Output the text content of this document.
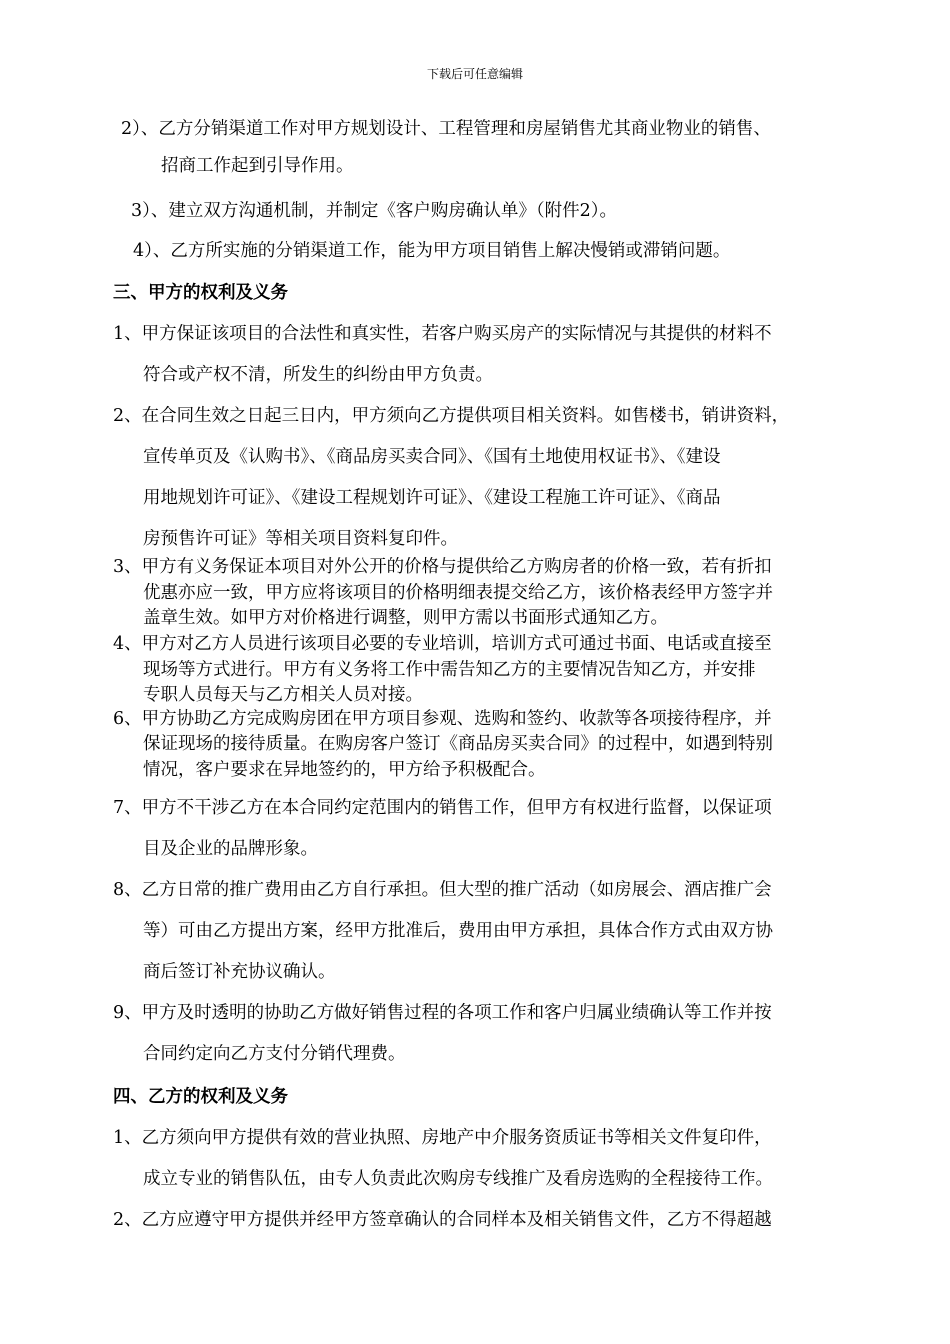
下载后可任意编辑
2）、乙方分销渠道工作对甲方规划设计、工程管理和房屋销售尤其商业物业的销售、
招商工作起到引导作用。
3）、建立双方沟通机制，并制定《客户购房确认单》（附件2）。
4）、乙方所实施的分销渠道工作，能为甲方项目销售上解决慢销或滞销问题。
三、甲方的权利及义务
1、甲方保证该项目的合法性和真实性，若客户购买房产的实际情况与其提供的材料不
符合或产权不清，所发生的纠纷由甲方负责。
2、在合同生效之日起三日内，甲方须向乙方提供项目相关资料。如售楼书，销讲资料，
宣传单页及《认购书》、《商品房买卖合同》、《国有土地使用权证书》、《建设
用地规划许可证》、《建设工程规划许可证》、《建设工程施工许可证》、《商品
房预售许可证》等相关项目资料复印件。
3、甲方有义务保证本项目对外公开的价格与提供给乙方购房者的价格一致，若有折扣
优惠亦应一致，甲方应将该项目的价格明细表提交给乙方，该价格表经甲方签字并
盖章生效。如甲方对价格进行调整，则甲方需以书面形式通知乙方。
4、甲方对乙方人员进行该项目必要的专业培训，培训方式可通过书面、电话或直接至
现场等方式进行。甲方有义务将工作中需告知乙方的主要情况告知乙方，并安排
专职人员每天与乙方相关人员对接。
6、甲方协助乙方完成购房团在甲方项目参观、选购和签约、收款等各项接待程序，并
保证现场的接待质量。在购房客户签订《商品房买卖合同》的过程中，如遇到特别
情况，客户要求在异地签约的，甲方给予积极配合。
7、甲方不干涉乙方在本合同约定范围内的销售工作，但甲方有权进行监督，以保证项
目及企业的品牌形象。
8、乙方日常的推广费用由乙方自行承担。但大型的推广活动（如房展会、酒店推广会
等）可由乙方提出方案，经甲方批准后，费用由甲方承担，具体合作方式由双方协
商后签订补充协议确认。
9、甲方及时透明的协助乙方做好销售过程的各项工作和客户归属业绩确认等工作并按
合同约定向乙方支付分销代理费。
四、乙方的权利及义务
1、乙方须向甲方提供有效的营业执照、房地产中介服务资质证书等相关文件复印件，
成立专业的销售队伍，由专人负责此次购房专线推广及看房选购的全程接待工作。
2、乙方应遵守甲方提供并经甲方签章确认的合同样本及相关销售文件，乙方不得超越
